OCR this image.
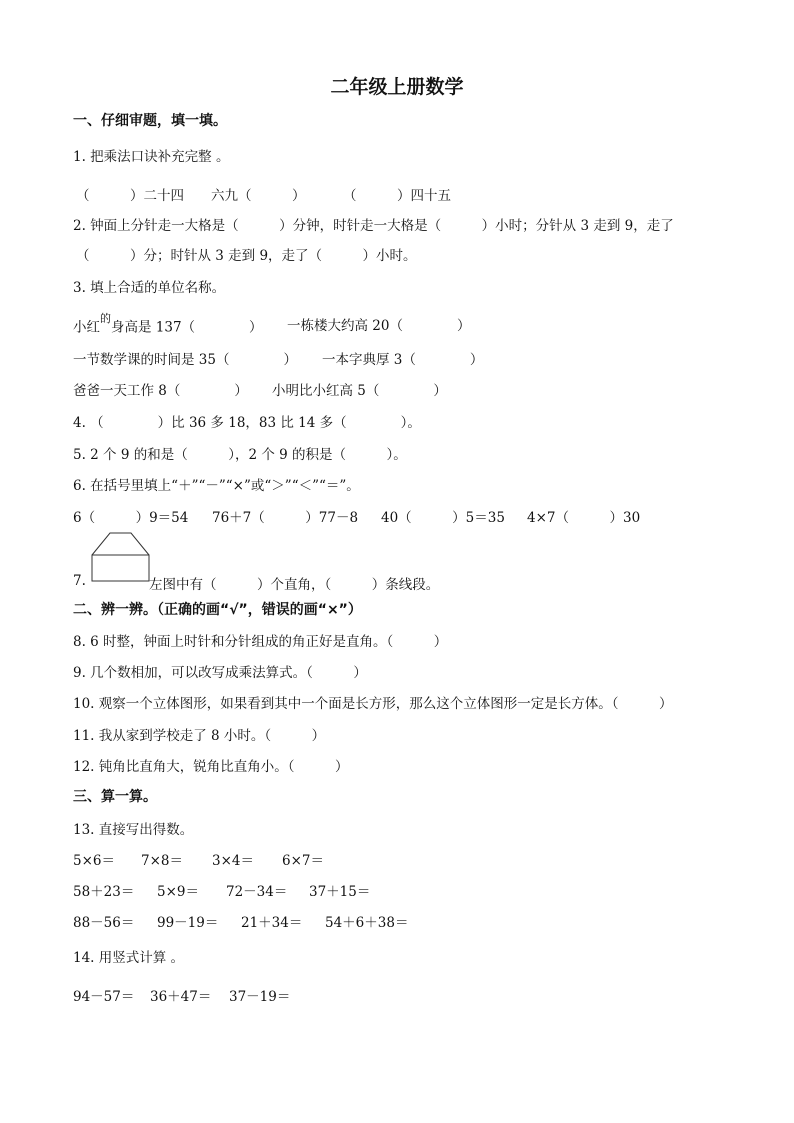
二年级上册数学
一、仔细审题，填一填。
1. 把乘法口诀补充完整 。
（　　　）二十四 六九（　　　）	（　　　）四十五
2. 钟面上分针走一大格是（　　　）分钟，时针走一大格是（　　　）小时；分针从 3 走到 9，走了
（　　　）分；时针从 3 走到 9，走了（　　　）小时。
3. 填上合适的单位名称。
小红$^的$身高是 137（　　　　） 一栋楼大约高 20（　　　　）
一节数学课的时间是 35（　　　　） 一本字典厚 3（　　　　）
爸爸一天工作 8（　　　　） 小明比小红高 5（　　　　）
4. （　　　　）比 36 多 18，83 比 14 多（　　　　）。
5. 2 个 9 的和是（　　　），2 个 9 的积是（　　　）。
6. 在括号里填上“＋”“－”“×”或“＞”“＜”“＝”。
6（　　　）9＝54 76＋7（　　　）77－8 40（　　　）5＝35 4×7（　　　）30
7.	左图中有（　　　）个直角，（　　　）条线段。
二、辨一辨。（正确的画“√”，错误的画“×”）
8. 6 时整，钟面上时针和分针组成的角正好是直角。（　　　）
9. 几个数相加，可以改写成乘法算式。（　　　）
10. 观察一个立体图形，如果看到其中一个面是长方形，那么这个立体图形一定是长方体。（　　　）
11. 我从家到学校走了 8 小时。（　　　）
12. 钝角比直角大，锐角比直角小。（　　　）
三、算一算。
13. 直接写出得数。
5×6＝ 7×8＝ 3×4＝ 6×7＝
58＋23＝ 5×9＝ 72－34＝ 37＋15＝
88－56＝ 99－19＝ 21＋34＝ 54＋6＋38＝
14. 用竖式计算 。
94－57＝ 36＋47＝ 37－19＝
